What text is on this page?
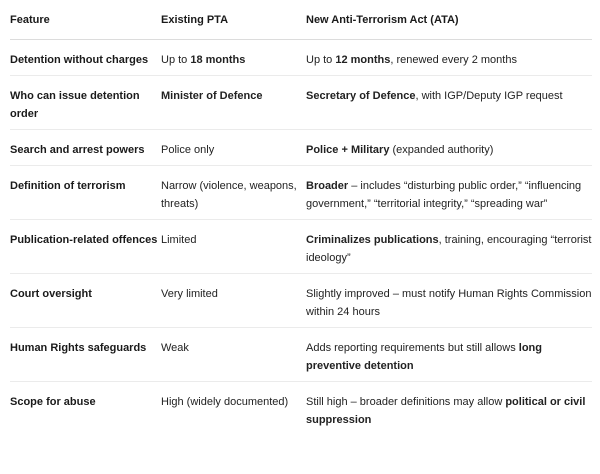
Feature	Existing PTA	New Anti-Terrorism Act (ATA)
Detention without charges	Up to 18 months	Up to 12 months, renewed every 2 months
Who can issue detention order	Minister of Defence	Secretary of Defence, with IGP/Deputy IGP request
Search and arrest powers	Police only	Police + Military (expanded authority)
Definition of terrorism	Narrow (violence, weapons, threats)	Broader – includes “disturbing public order,” “influencing government,” “territorial integrity,” “spreading war”
Publication-related offences	Limited	Criminalizes publications, training, encouraging “terrorist ideology”
Court oversight	Very limited	Slightly improved – must notify Human Rights Commission within 24 hours
Human Rights safeguards	Weak	Adds reporting requirements but still allows long preventive detention
Scope for abuse	High (widely documented)	Still high – broader definitions may allow political or civil suppression
